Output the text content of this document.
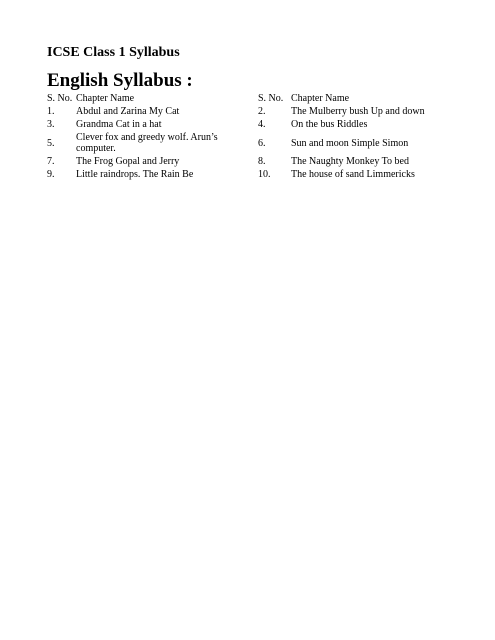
ICSE Class 1 Syllabus
English Syllabus :
S. No.	Chapter Name	S. No.	Chapter Name
1.	Abdul and Zarina My Cat	2.	The Mulberry bush Up and down
3.	Grandma Cat in a hat	4.	On the bus Riddles
5.	Clever fox and greedy wolf. Arun’s computer.	6.	Sun and moon Simple Simon
7.	The Frog Gopal and Jerry	8.	The Naughty Monkey To bed
9.	Little raindrops. The Rain Be	10.	The house of sand Limmericks
